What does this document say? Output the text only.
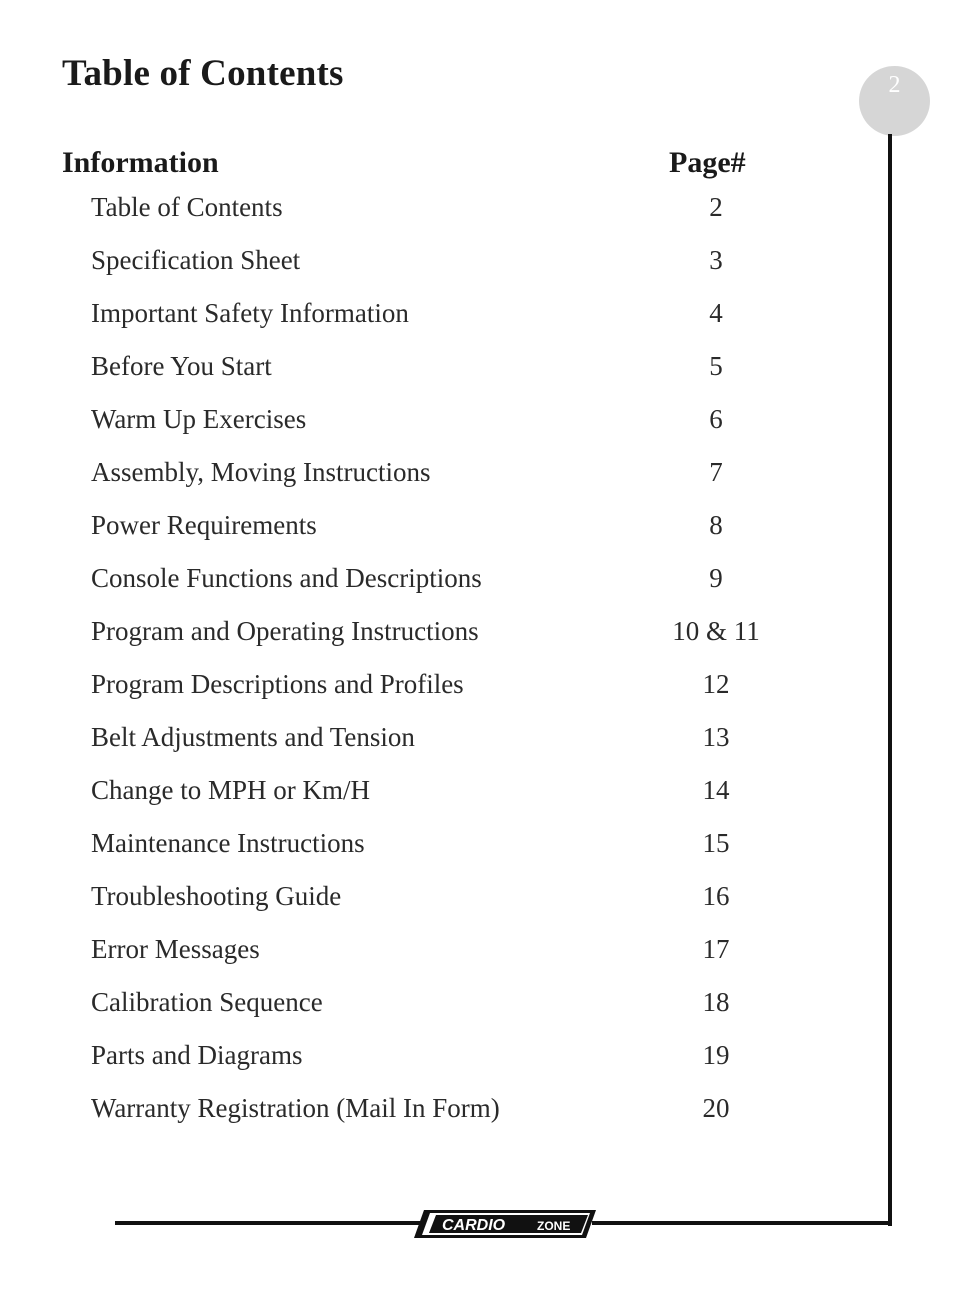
Table of Contents	2
Information	Page#
Table of Contents	2
Specification Sheet	3
Important Safety Information	4
Before You Start	5
Warm Up Exercises	6
Assembly, Moving Instructions	7
Power Requirements	8
Console Functions and Descriptions	9
Program and Operating Instructions	10 & 11
Program Descriptions and Profiles	12
Belt Adjustments and Tension	13
Change to MPH or Km/H	14
Maintenance Instructions	15
Troubleshooting Guide	16
Error Messages	17
Calibration Sequence	18
Parts and Diagrams	19
Warranty Registration (Mail In Form)	20
CARDIO	ZONE
